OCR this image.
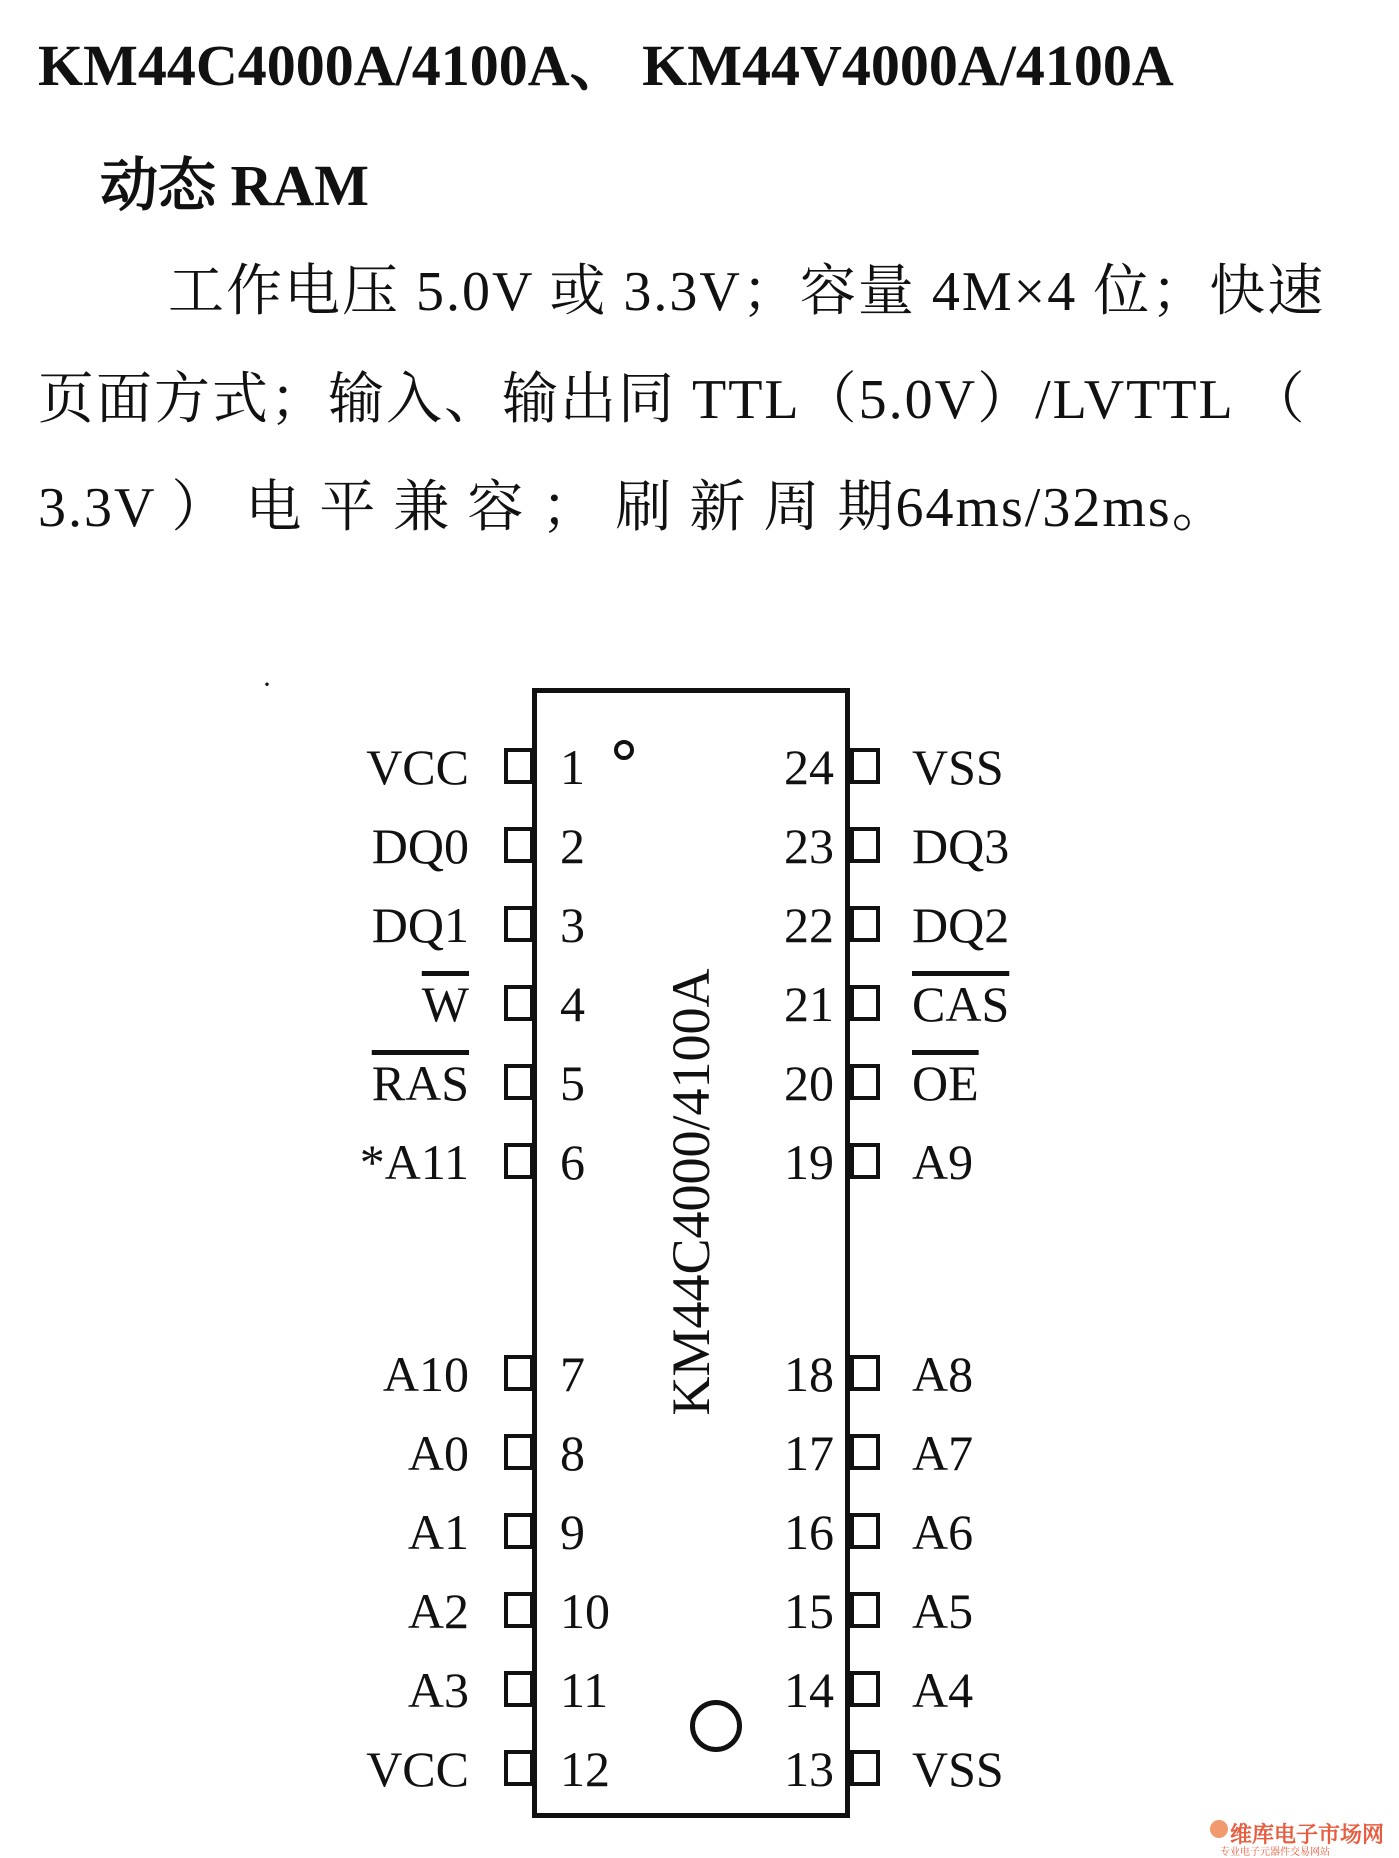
KM44C4000A/4100A、 KM44V4000A/4100A
动态 RAM

工作电压 5.0V 或 3.3V；容量 4M×4 位；快速页面方式；输入、输出同 TTL（5.0V）/LVTTL （ 3.3V ） 电 平 兼 容 ； 刷 新 周 期64ms/32ms。

·
KM44C4000/4100A
1
VCC
2
DQ0
3
DQ1
4
$\overline{W}$
5
$\overline{RAS}$
6
*A11
7
A10
8
A0
9
A1
10
A2
11
A3
12
VCC
24 VSS
23 DQ3
22 DQ2
21 $\overline{CAS}$
20 $\overline{OE}$
19 A9
18 A8
17 A7
16 A6
15 A5
14 A4
13 VSS
维库电子市场网
专业电子元器件交易网站
